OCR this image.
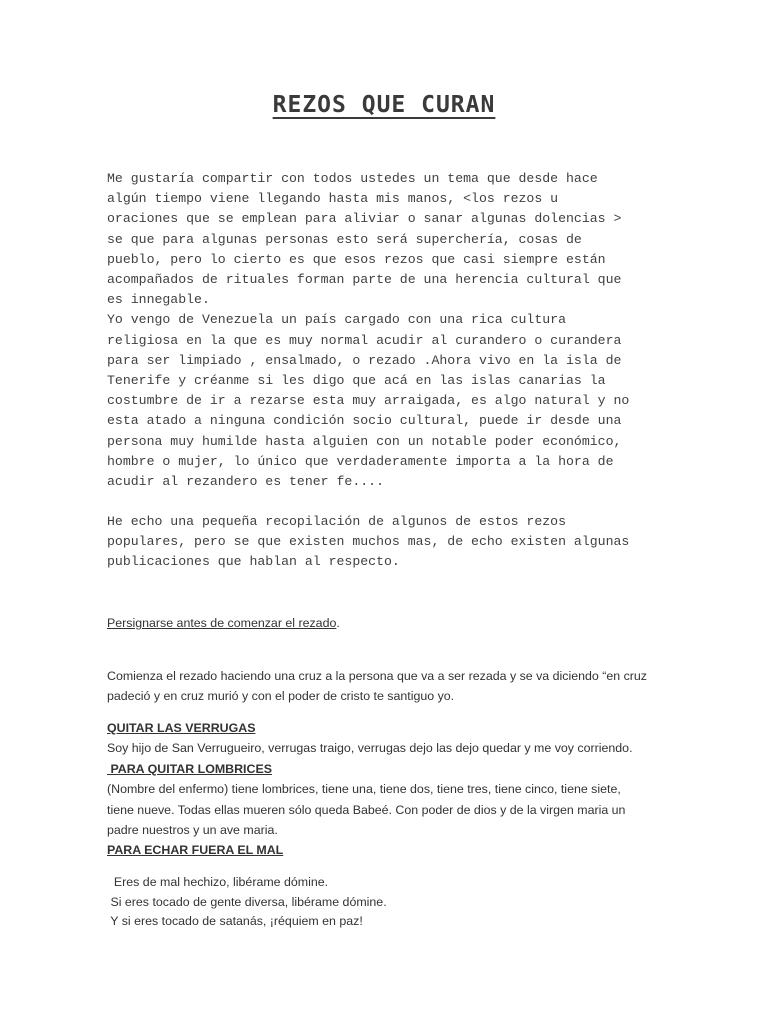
REZOS QUE CURAN

Me gustaría compartir con todos ustedes un tema que desde hace

algún tiempo viene llegando hasta mis manos, <los rezos u

oraciones que se emplean para aliviar o sanar algunas dolencias >

se que para algunas personas esto será superchería, cosas de

pueblo, pero lo cierto es que esos rezos que casi siempre están

acompañados de rituales forman parte de una herencia cultural que

es innegable.

Yo vengo de Venezuela un país cargado con una rica cultura

religiosa en la que es muy normal acudir al curandero o curandera

para ser limpiado , ensalmado, o rezado .Ahora vivo en la isla de

Tenerife y créanme si les digo que acá en las islas canarias la

costumbre de ir a rezarse esta muy arraigada, es algo natural y no

esta atado a ninguna condición socio cultural, puede ir desde una

persona muy humilde hasta alguien con un notable poder económico,

hombre o mujer, lo único que verdaderamente importa a la hora de

acudir al rezandero es tener fe....

He echo una pequeña recopilación de algunos de estos rezos

populares, pero se que existen muchos mas, de echo existen algunas

publicaciones que hablan al respecto.

Persignarse antes de comenzar el rezado.

Comienza el rezado haciendo una cruz a la persona que va a ser rezada y se va diciendo “en cruz

padeció y en cruz murió y con el poder de cristo te santiguo yo.

QUITAR LAS VERRUGAS

Soy hijo de San Verrugueiro, verrugas traigo, verrugas dejo las dejo quedar y me voy corriendo.

PARA QUITAR LOMBRICES

(Nombre del enfermo) tiene lombrices, tiene una, tiene dos, tiene tres, tiene cinco, tiene siete,

tiene nueve. Todas ellas mueren sólo queda Babeé. Con poder de dios y de la virgen maria un

padre nuestros y un ave maria.

PARA ECHAR FUERA EL MAL

Eres de mal hechizo, libérame dómine.

Si eres tocado de gente diversa, libérame dómine.

Y si eres tocado de satanás, ¡réquiem en paz!
